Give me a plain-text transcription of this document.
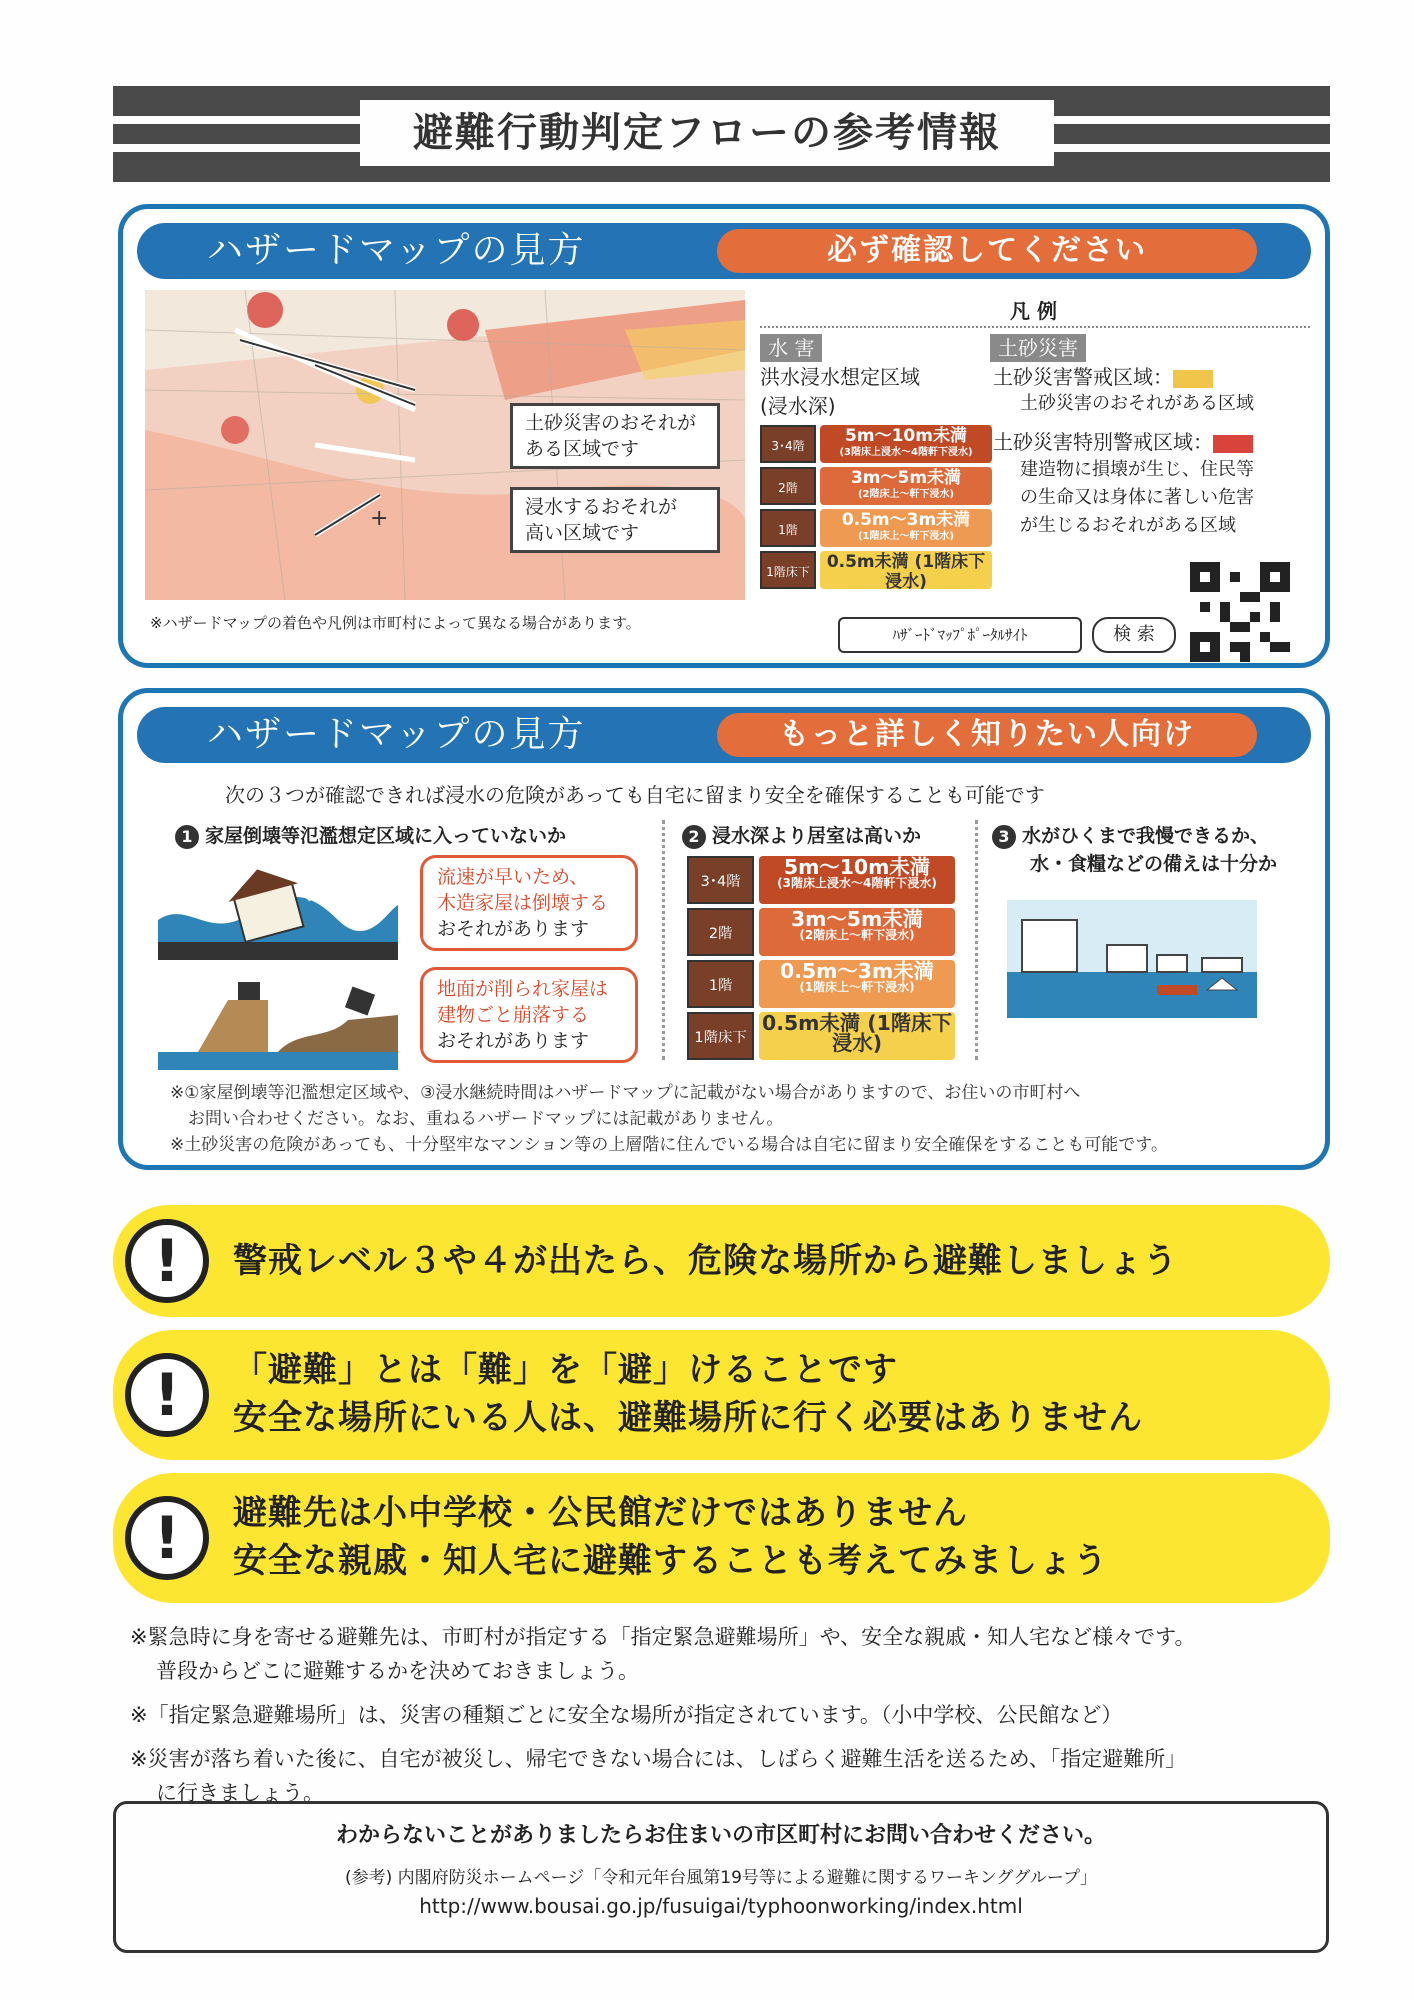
避難行動判定フローの参考情報
ハザードマップの見方	必ず確認してください
+
土砂災害のおそれが
ある区域です
浸水するおそれが
高い区域です
※ハザードマップの着色や凡例は市町村によって異なる場合があります。
凡 例
水 害
洪水浸水想定区域
(浸水深)
3･4階	5m～10m未満
(3階床上浸水～4階軒下浸水)
2階	3m～5m未満
(2階床上～軒下浸水)
1階	0.5m～3m未満
(1階床上～軒下浸水)
1階床下	0.5m未満 (1階床下浸水)
土砂災害
土砂災害警戒区域：
土砂災害のおそれがある区域
土砂災害特別警戒区域：
建造物に損壊が生じ、住民等
の生命又は身体に著しい危害
が生じるおそれがある区域
ﾊｻﾞｰﾄﾞﾏｯﾌﾟﾎﾟｰﾀﾙｻｲﾄ	検 索
ハザードマップの見方	もっと詳しく知りたい人向け
次の３つが確認できれば浸水の危険があっても自宅に留まり安全を確保することも可能です
1 家屋倒壊等氾濫想定区域に入っていないか	2 浸水深より居室は高いか	3 水がひくまで我慢できるか、
水・食糧などの備えは十分か
流速が早いため、
木造家屋は倒壊する
おそれがあります
地面が削られ家屋は
建物ごと崩落する
おそれがあります
3･4階
5m～10m未満
(3階床上浸水～4階軒下浸水)
2階
3m～5m未満
(2階床上～軒下浸水)
1階
0.5m～3m未満
(1階床上～軒下浸水)
1階床下
0.5m未満 (1階床下浸水)
※①家屋倒壊等氾濫想定区域や、③浸水継続時間はハザードマップに記載がない場合がありますので、お住いの市町村へ
お問い合わせください。なお、重ねるハザードマップには記載がありません。
※土砂災害の危険があっても、十分堅牢なマンション等の上層階に住んでいる場合は自宅に留まり安全確保をすることも可能です。
!	警戒レベル３や４が出たら、危険な場所から避難しましょう
!	「避難」とは「難」を「避」けることです
安全な場所にいる人は、避難場所に行く必要はありません
!	避難先は小中学校・公民館だけではありません
安全な親戚・知人宅に避難することも考えてみましょう
※緊急時に身を寄せる避難先は、市町村が指定する「指定緊急避難場所」や、安全な親戚・知人宅など様々です。
普段からどこに避難するかを決めておきましょう。
※「指定緊急避難場所」は、災害の種類ごとに安全な場所が指定されています。（小中学校、公民館など）
※災害が落ち着いた後に、自宅が被災し、帰宅できない場合には、しばらく避難生活を送るため、「指定避難所」
に行きましょう。
わからないことがありましたらお住まいの市区町村にお問い合わせください。
(参考) 内閣府防災ホームページ「令和元年台風第19号等による避難に関するワーキンググループ」
http://www.bousai.go.jp/fusuigai/typhoonworking/index.html
